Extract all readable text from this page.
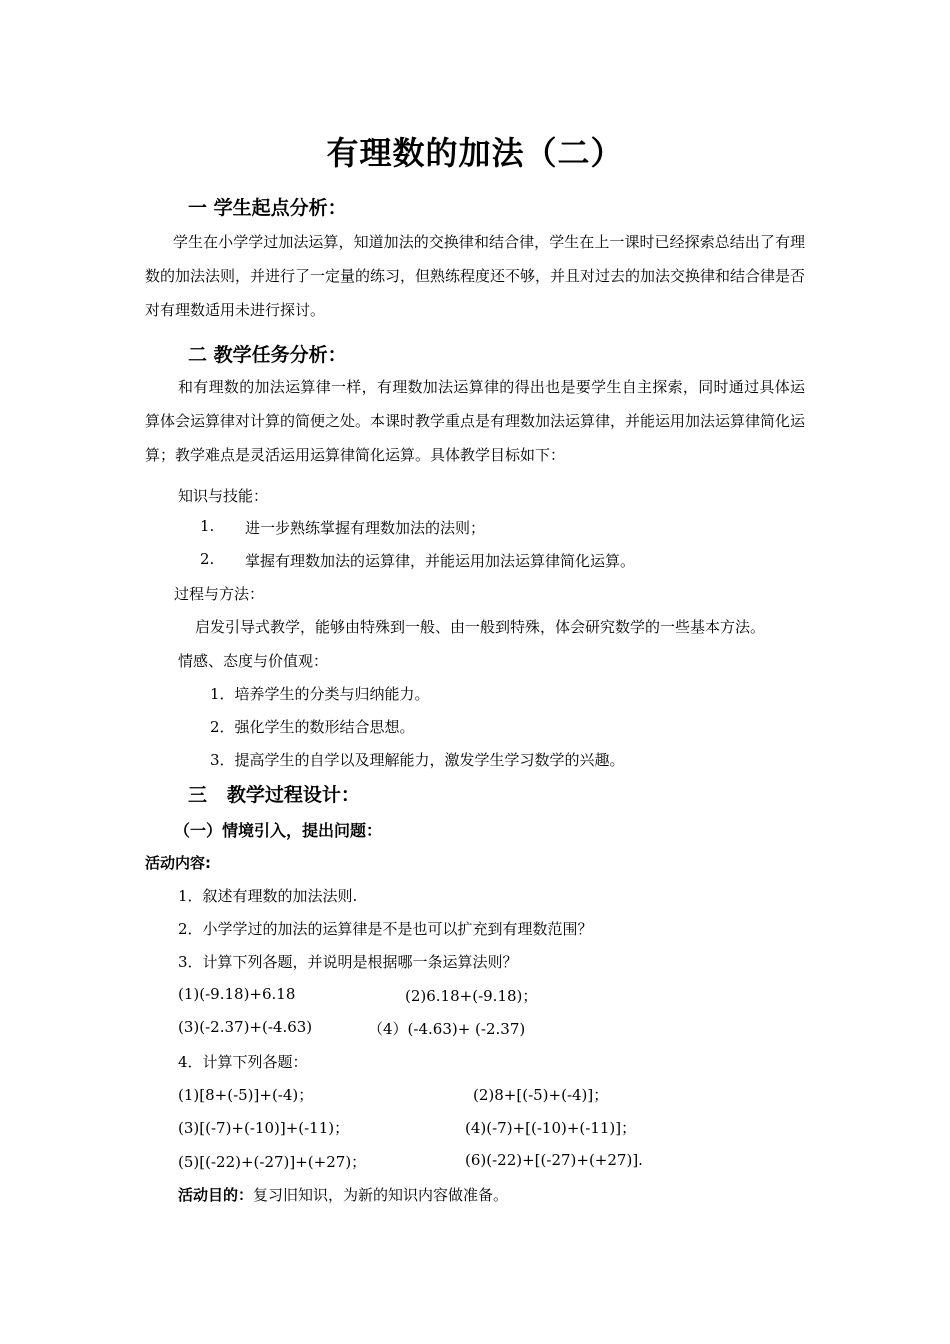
有理数的加法（二）
一 学生起点分析：
学生在小学学过加法运算，知道加法的交换律和结合律，学生在上一课时已经探索总结出了有理数的加法法则，并进行了一定量的练习，但熟练程度还不够，并且对过去的加法交换律和结合律是否对有理数适用未进行探讨。
二 教学任务分析：
和有理数的加法运算律一样，有理数加法运算律的得出也是要学生自主探索，同时通过具体运算体会运算律对计算的简便之处。本课时教学重点是有理数加法运算律，并能运用加法运算律简化运算；教学难点是灵活运用运算律简化运算。具体教学目标如下：
知识与技能：
1. 进一步熟练掌握有理数加法的法则；
2. 掌握有理数加法的运算律，并能运用加法运算律简化运算。
过程与方法：
启发引导式教学，能够由特殊到一般、由一般到特殊，体会研究数学的一些基本方法。
情感、态度与价值观：
1．培养学生的分类与归纳能力。
2．强化学生的数形结合思想。
3．提高学生的自学以及理解能力，激发学生学习数学的兴趣。
三   教学过程设计：
（一）情境引入，提出问题：
活动内容:
1．叙述有理数的加法法则.
2．小学学过的加法的运算律是不是也可以扩充到有理数范围？
3．计算下列各题，并说明是根据哪一条运算法则？
(1)(-9.18)+6.18	(2)6.18+(-9.18)；
(3)(-2.37)+(-4.63)	（4）(-4.63)+ (-2.37)
4．计算下列各题：
(1)[8+(-5)]+(-4)；	(2)8+[(-5)+(-4)]；
(3)[(-7)+(-10)]+(-11)；	(4)(-7)+[(-10)+(-11)]；
(5)[(-22)+(-27)]+(+27)；	(6)(-22)+[(-27)+(+27)].
活动目的：复习旧知识，为新的知识内容做准备。
